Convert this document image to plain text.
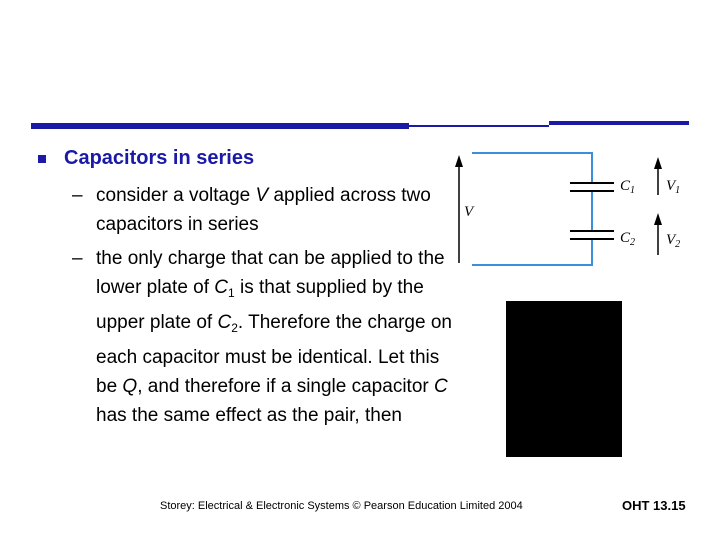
Capacitors in series
– consider a voltage V applied across two capacitors in series
– the only charge that can be applied to the lower plate of $C_1$ is that supplied by the upper plate of $C_2$. Therefore the charge on each capacitor must be identical. Let this be Q, and therefore if a single capacitor C has the same effect as the pair, then
V
$C_1$
$C_2$
$V_1$
$V_2$
Storey: Electrical & Electronic Systems © Pearson Education Limited 2004	OHT 13.15
